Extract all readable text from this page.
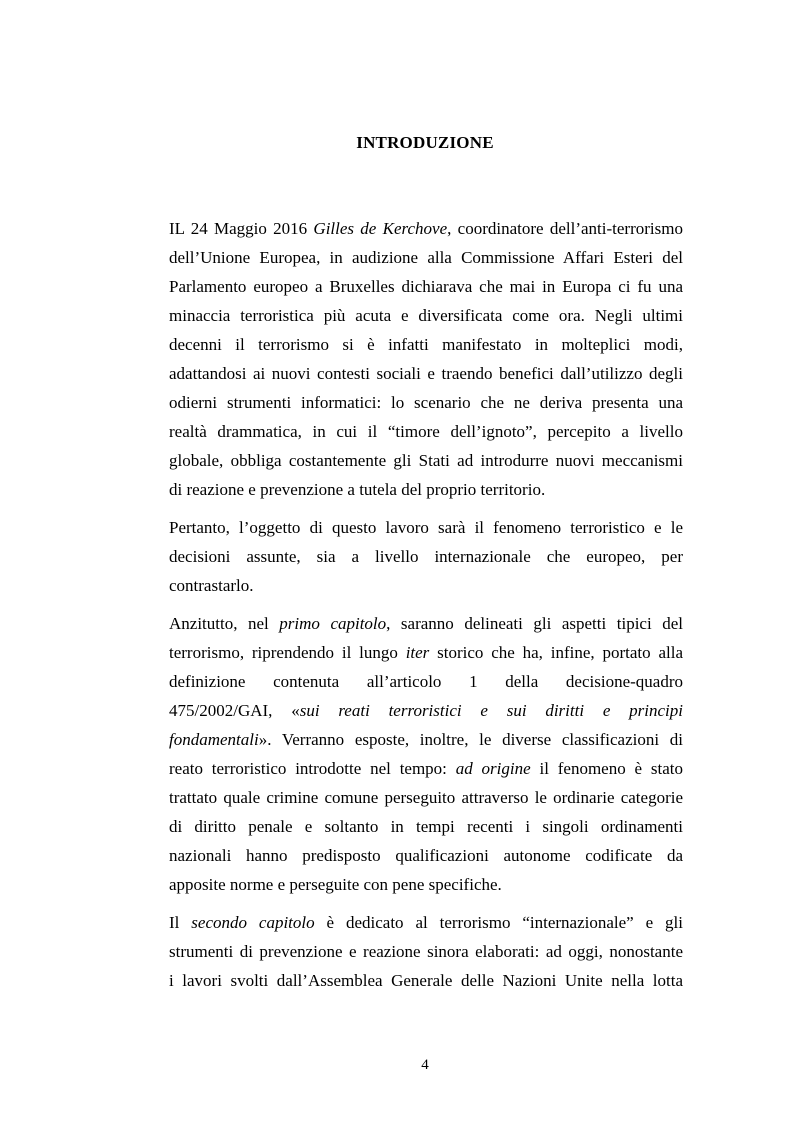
INTRODUZIONE
IL 24 Maggio 2016 Gilles de Kerchove, coordinatore dell’anti-terrorismo
dell’Unione Europea, in audizione alla Commissione Affari Esteri del
Parlamento europeo a Bruxelles dichiarava che mai in Europa ci fu una
minaccia terroristica più acuta e diversificata come ora. Negli ultimi
decenni il terrorismo si è infatti manifestato in molteplici modi,
adattandosi ai nuovi contesti sociali e traendo benefici dall’utilizzo degli
odierni strumenti informatici: lo scenario che ne deriva presenta una
realtà drammatica, in cui il “timore dell’ignoto”, percepito a livello
globale, obbliga costantemente gli Stati ad introdurre nuovi meccanismi
di reazione e prevenzione a tutela del proprio territorio.
Pertanto, l’oggetto di questo lavoro sarà il fenomeno terroristico e le
decisioni assunte, sia a livello internazionale che europeo, per
contrastarlo.
Anzitutto, nel primo capitolo, saranno delineati gli aspetti tipici del
terrorismo, riprendendo il lungo iter storico che ha, infine, portato alla
definizione contenuta all’articolo 1 della decisione-quadro
475/2002/GAI, «sui reati terroristici e sui diritti e principi
fondamentali». Verranno esposte, inoltre, le diverse classificazioni di
reato terroristico introdotte nel tempo: ad origine il fenomeno è stato
trattato quale crimine comune perseguito attraverso le ordinarie categorie
di diritto penale e soltanto in tempi recenti i singoli ordinamenti
nazionali hanno predisposto qualificazioni autonome codificate da
apposite norme e perseguite con pene specifiche.
Il secondo capitolo è dedicato al terrorismo “internazionale” e gli
strumenti di prevenzione e reazione sinora elaborati: ad oggi, nonostante
i lavori svolti dall’Assemblea Generale delle Nazioni Unite nella lotta
4
